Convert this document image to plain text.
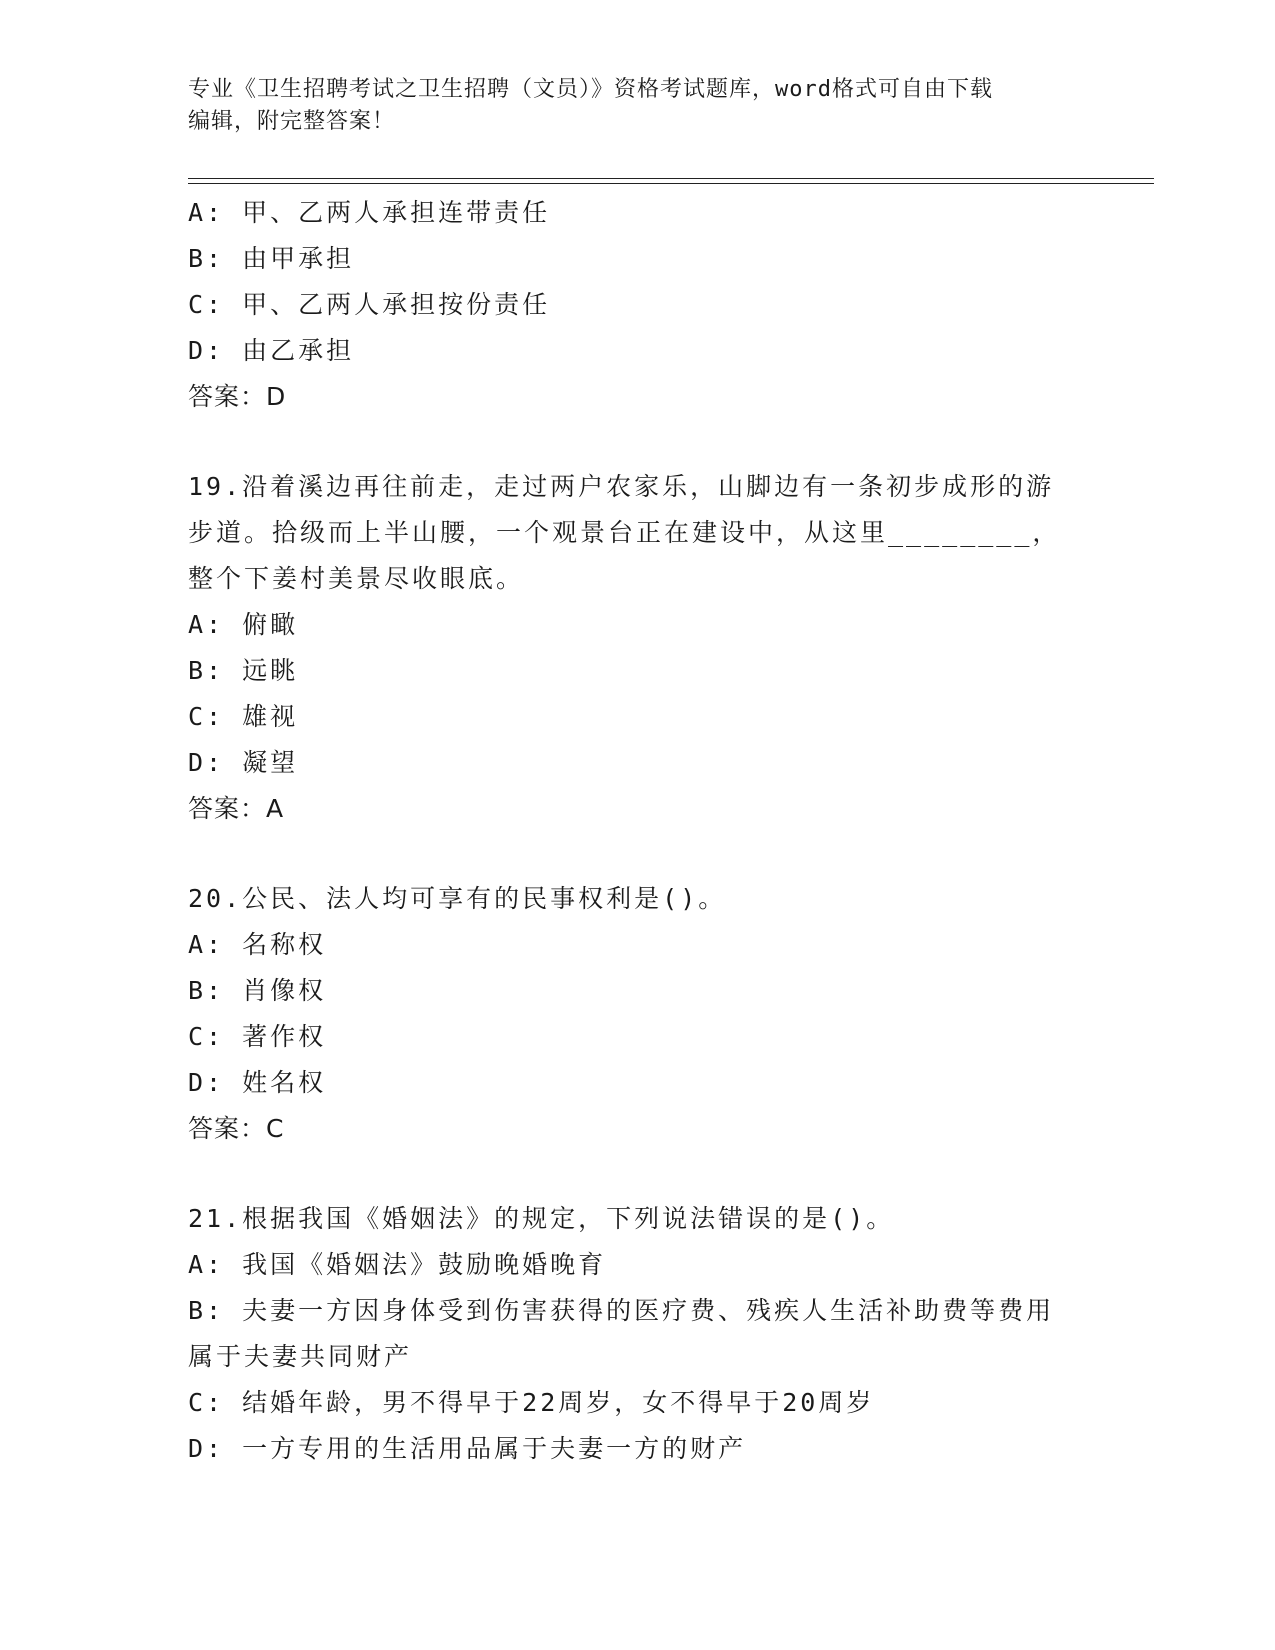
专业《卫生招聘考试之卫生招聘（文员）》资格考试题库，word格式可自由下载
编辑，附完整答案！

A: 甲、乙两人承担连带责任

B: 由甲承担

C: 甲、乙两人承担按份责任

D: 由乙承担

答案：D

19.沿着溪边再往前走，走过两户农家乐，山脚边有一条初步成形的游

步道。拾级而上半山腰，一个观景台正在建设中，从这里________，

整个下姜村美景尽收眼底。

A: 俯瞰

B: 远眺

C: 雄视

D: 凝望

答案：A

20.公民、法人均可享有的民事权利是()。

A: 名称权

B: 肖像权

C: 著作权

D: 姓名权

答案：C

21.根据我国《婚姻法》的规定，下列说法错误的是()。

A: 我国《婚姻法》鼓励晚婚晚育

B: 夫妻一方因身体受到伤害获得的医疗费、残疾人生活补助费等费用

属于夫妻共同财产

C: 结婚年龄，男不得早于22周岁，女不得早于20周岁

D: 一方专用的生活用品属于夫妻一方的财产
